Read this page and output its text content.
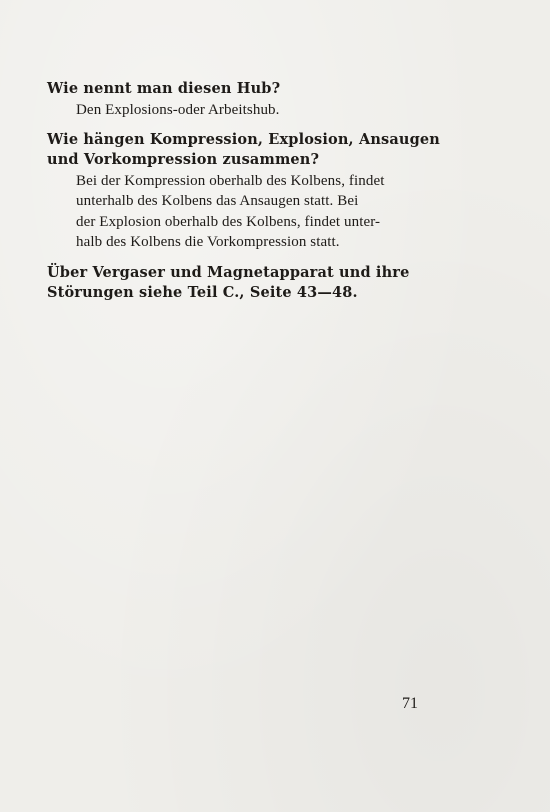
Wie nennt man diesen Hub?

Den Explosions‑oder Arbeitshub.

Wie hängen Kompression, Explosion, Ansaugen
und Vorkompression zusammen?

Bei der Kompression oberhalb des Kolbens, findet
unterhalb des Kolbens das Ansaugen statt. Bei
der Explosion oberhalb des Kolbens, findet unter-
halb des Kolbens die Vorkompression statt.

Über Vergaser und Magnetapparat und ihre
Störungen siehe Teil C., Seite 43—48.

71
